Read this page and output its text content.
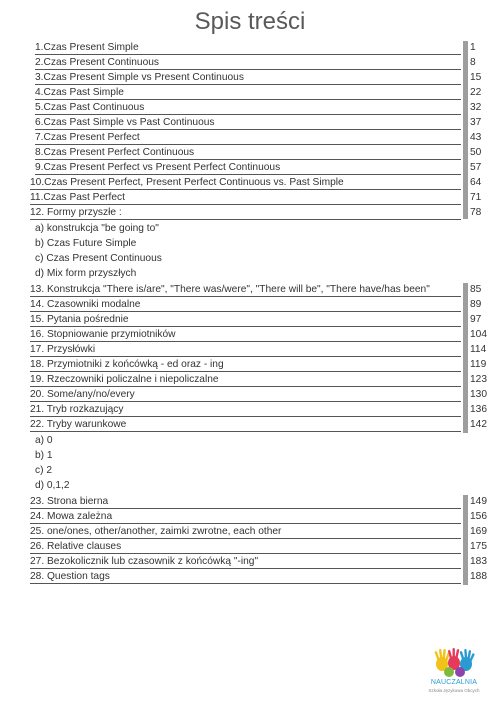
Spis treści
1.Czas Present Simple	1
2.Czas Present Continuous	8
3.Czas Present Simple vs Present Continuous	15
4.Czas Past Simple	22
5.Czas Past Continuous	32
6.Czas Past Simple vs Past Continuous	37
7.Czas Present Perfect	43
8.Czas Present Perfect Continuous	50
9.Czas Present Perfect vs Present Perfect Continuous	57
10.Czas Present Perfect, Present Perfect Continuous vs. Past Simple	64
11.Czas Past Perfect	71
12. Formy przyszłe :	78
a) konstrukcja "be going to"
b) Czas Future Simple
c) Czas Present Continuous
d) Mix form przyszłych
13. Konstrukcja "There is/are", "There was/were", "There will be", "There have/has been"	85
14. Czasowniki modalne	89
15. Pytania pośrednie	97
16. Stopniowanie przymiotników	104
17. Przysłówki	114
18. Przymiotniki z końcówką - ed oraz - ing	119
19. Rzeczowniki policzalne i niepoliczalne	123
20. Some/any/no/every	130
21. Tryb rozkazujący	136
22. Tryby warunkowe	142
a) 0
b) 1
c) 2
d) 0,1,2
23. Strona bierna	149
24. Mowa zależna	156
25. one/ones, other/another, zaimki zwrotne, each other	169
26. Relative clauses	175
27. Bezokolicznik lub czasownik z końcówką "-ing"	183
28. Question tags	188
NAUCZALNIA
Szkoła Językowa Obcych
